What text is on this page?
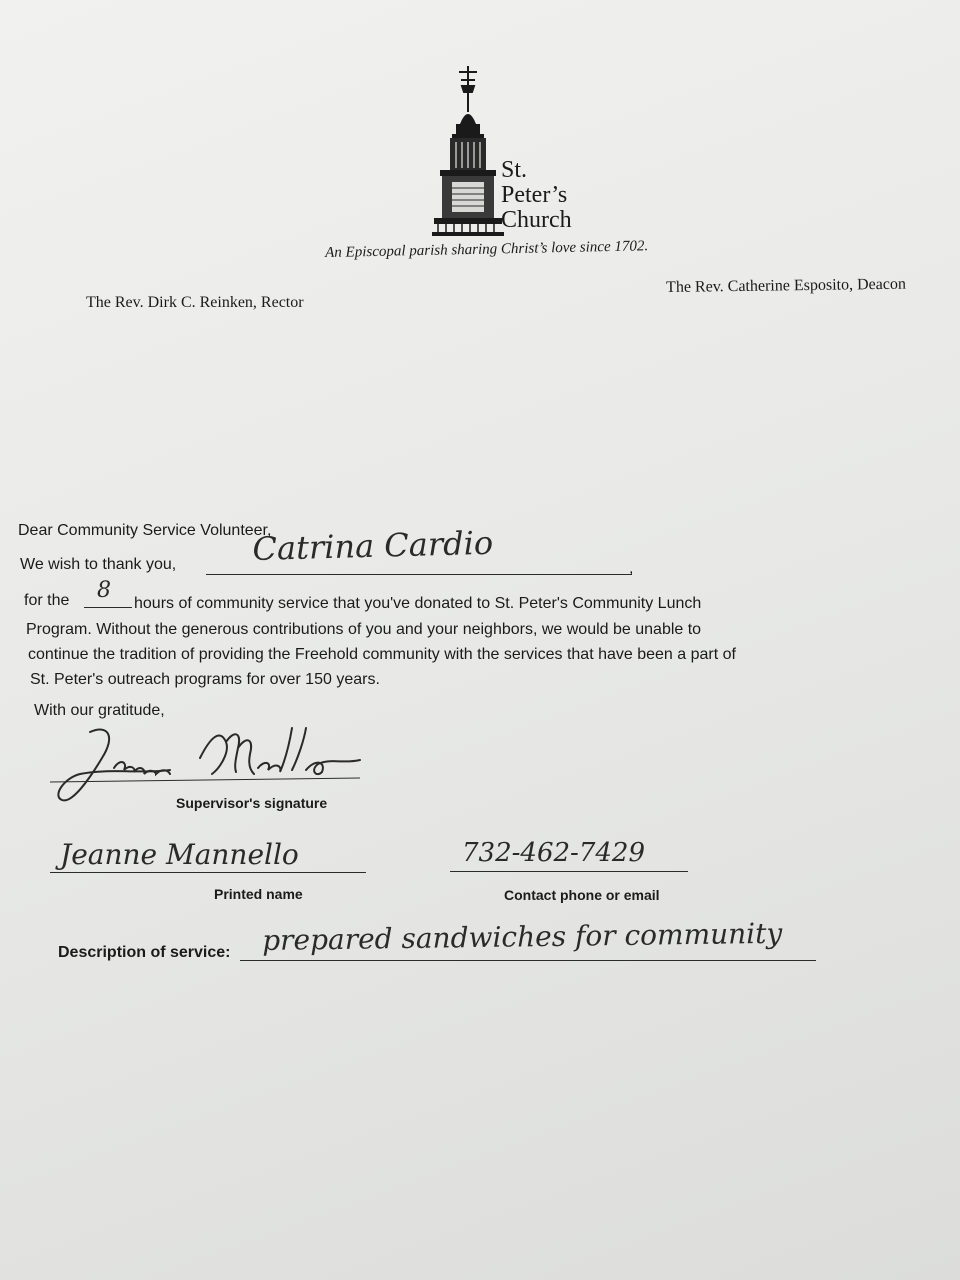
St.
Peter’s
Church
An Episcopal parish sharing Christ’s love since 1702.
The Rev. Dirk C. Reinken, Rector
The Rev. Catherine Esposito, Deacon
Dear Community Service Volunteer,
We wish to thank you, Catrina Cardio
,
for the 8
hours of community service that you've donated to St. Peter's Community Lunch
Program. Without the generous contributions of you and your neighbors, we would be unable to
continue the tradition of providing the Freehold community with the services that have been a part of
St. Peter's outreach programs for over 150 years.
With our gratitude,
Supervisor's signature
Jeanne Mannello
Printed name
732-462-7429
Contact phone or email
Description of service: prepared sandwiches for community
